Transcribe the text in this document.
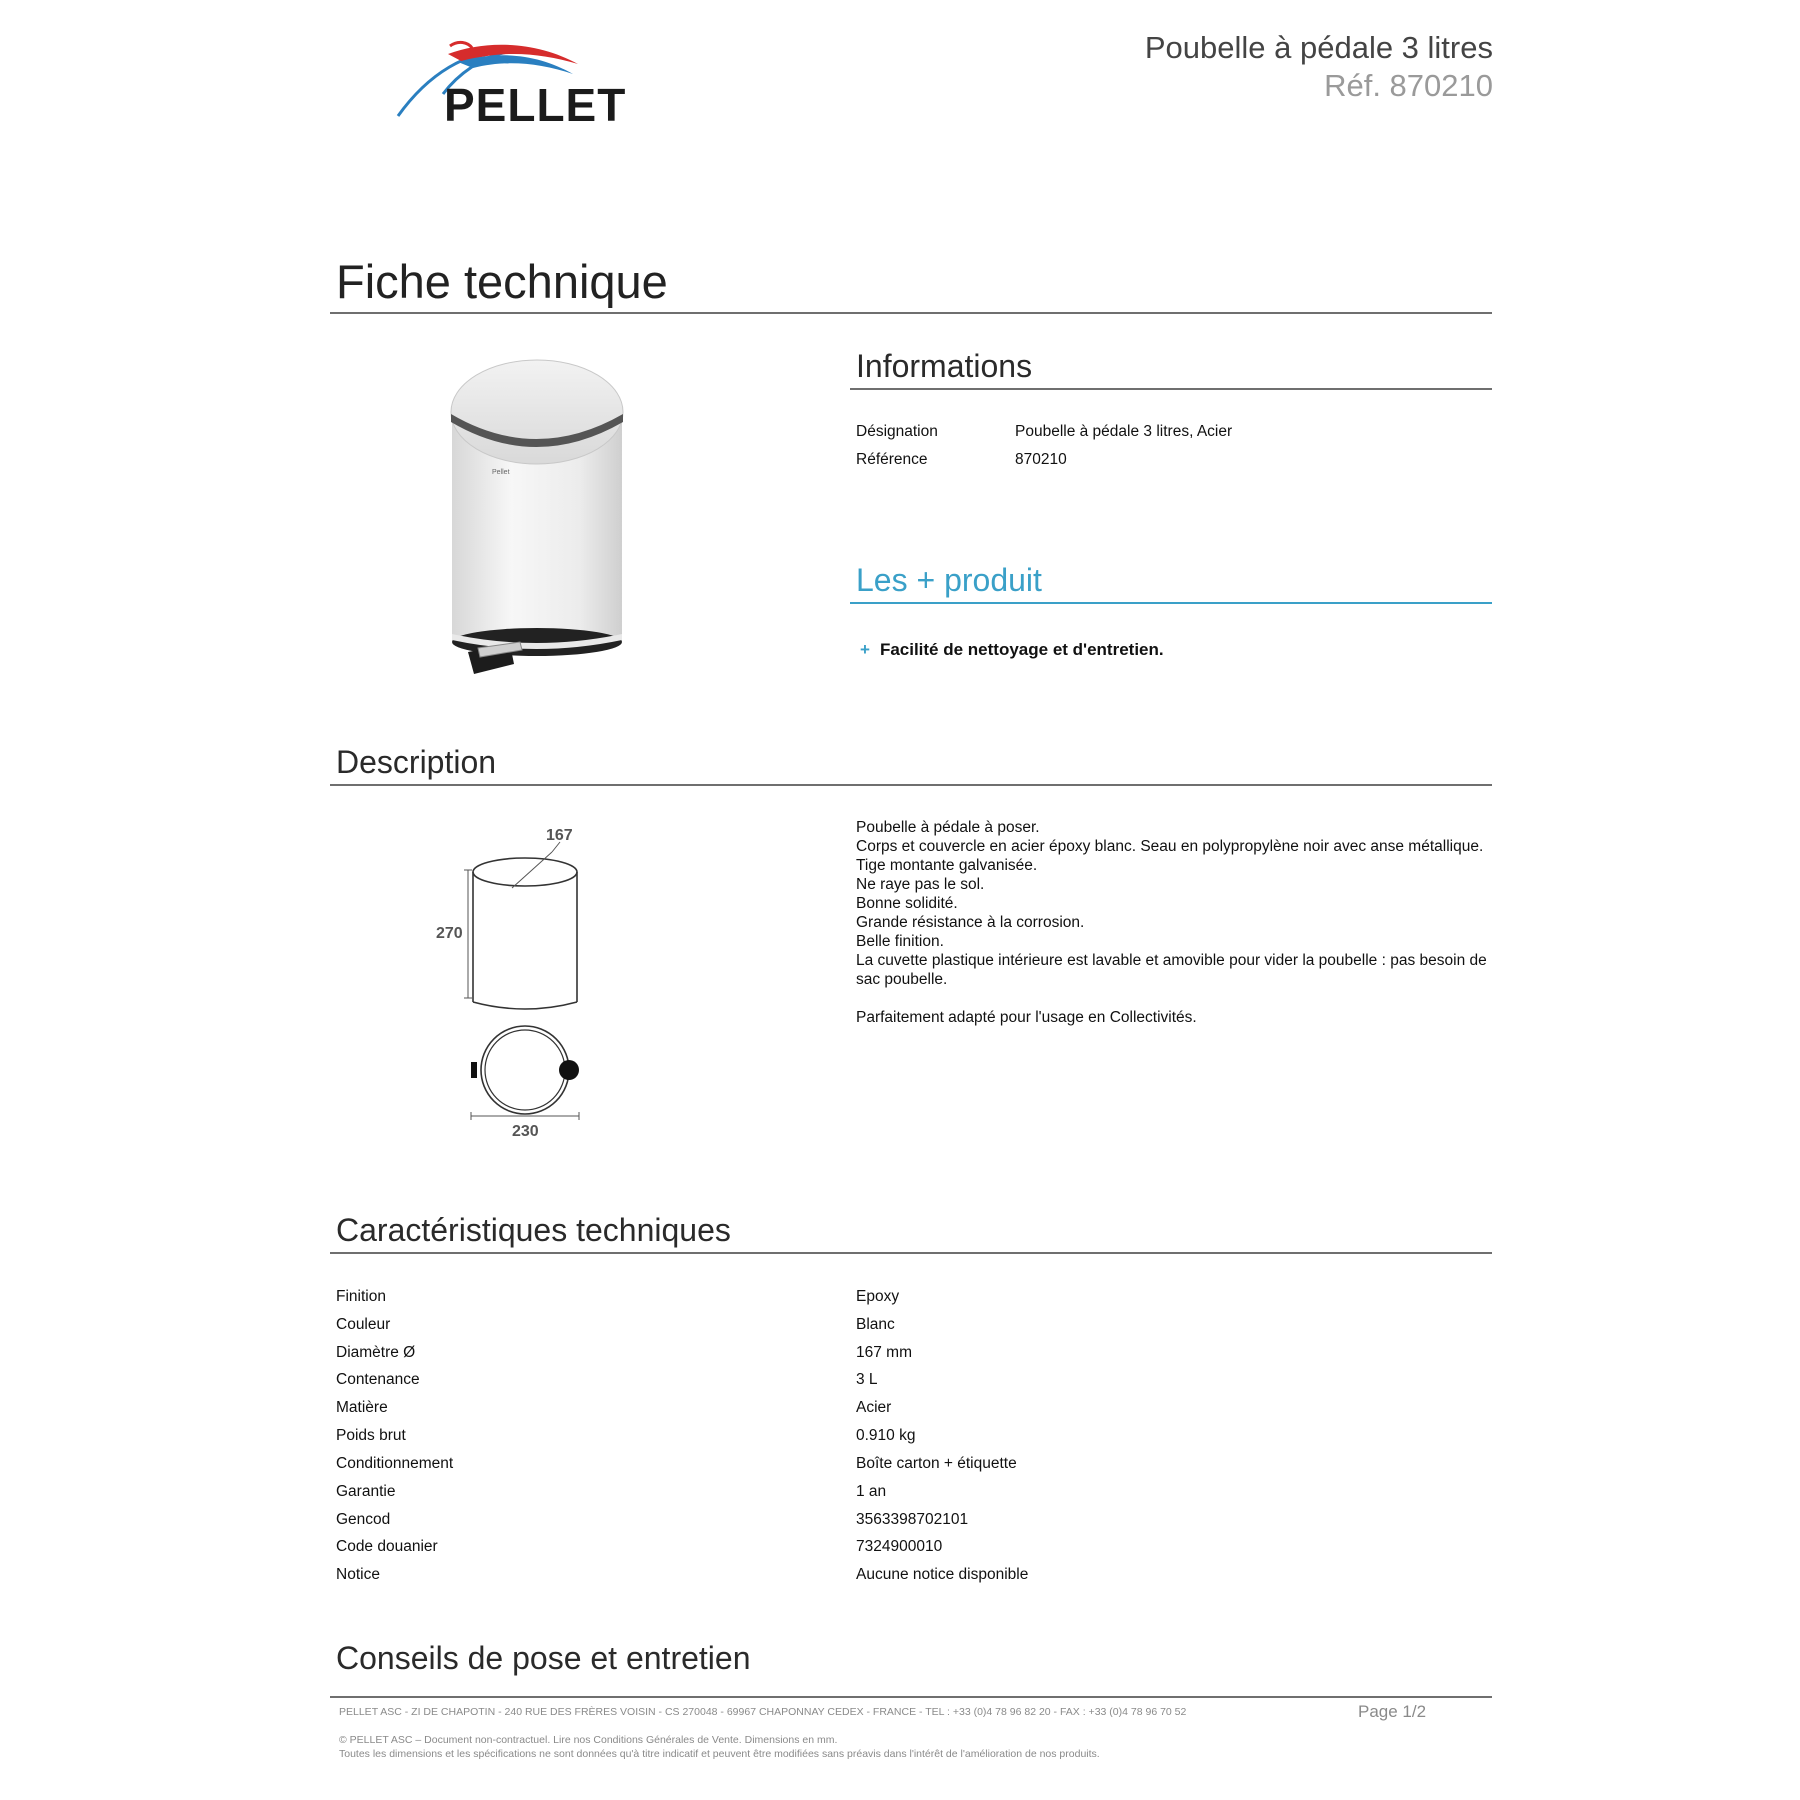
PELLET
Poubelle à pédale 3 litres
Réf. 870210
Fiche technique
Pellet
Informations
Désignation	Poubelle à pédale 3 litres, Acier
Référence	870210
Les + produit
+ Facilité de nettoyage et d'entretien.
Description
167
270
230

Poubelle à pédale à poser.

Corps et couvercle en acier époxy blanc. Seau en polypropylène noir avec anse métallique.

Tige montante galvanisée.

Ne raye pas le sol.

Bonne solidité.

Grande résistance à la corrosion.

Belle finition.

La cuvette plastique intérieure est lavable et amovible pour vider la poubelle : pas besoin de sac poubelle.

Parfaitement adapté pour l'usage en Collectivités.

Caractéristiques techniques
Finition	Epoxy
Couleur	Blanc
Diamètre Ø	167 mm
Contenance	3 L
Matière	Acier
Poids brut	0.910 kg
Conditionnement	Boîte carton + étiquette
Garantie	1 an
Gencod	3563398702101
Code douanier	7324900010
Notice	Aucune notice disponible
Conseils de pose et entretien
PELLET ASC - ZI DE CHAPOTIN - 240 RUE DES FRÈRES VOISIN - CS 270048 - 69967 CHAPONNAY CEDEX - FRANCE - TEL : +33 (0)4 78 96 82 20 - FAX : +33 (0)4 78 96 70 52	Page 1/2
© PELLET ASC – Document non-contractuel. Lire nos Conditions Générales de Vente. Dimensions en mm.
Toutes les dimensions et les spécifications ne sont données qu'à titre indicatif et peuvent être modifiées sans préavis dans l'intérêt de l'amélioration de nos produits.
